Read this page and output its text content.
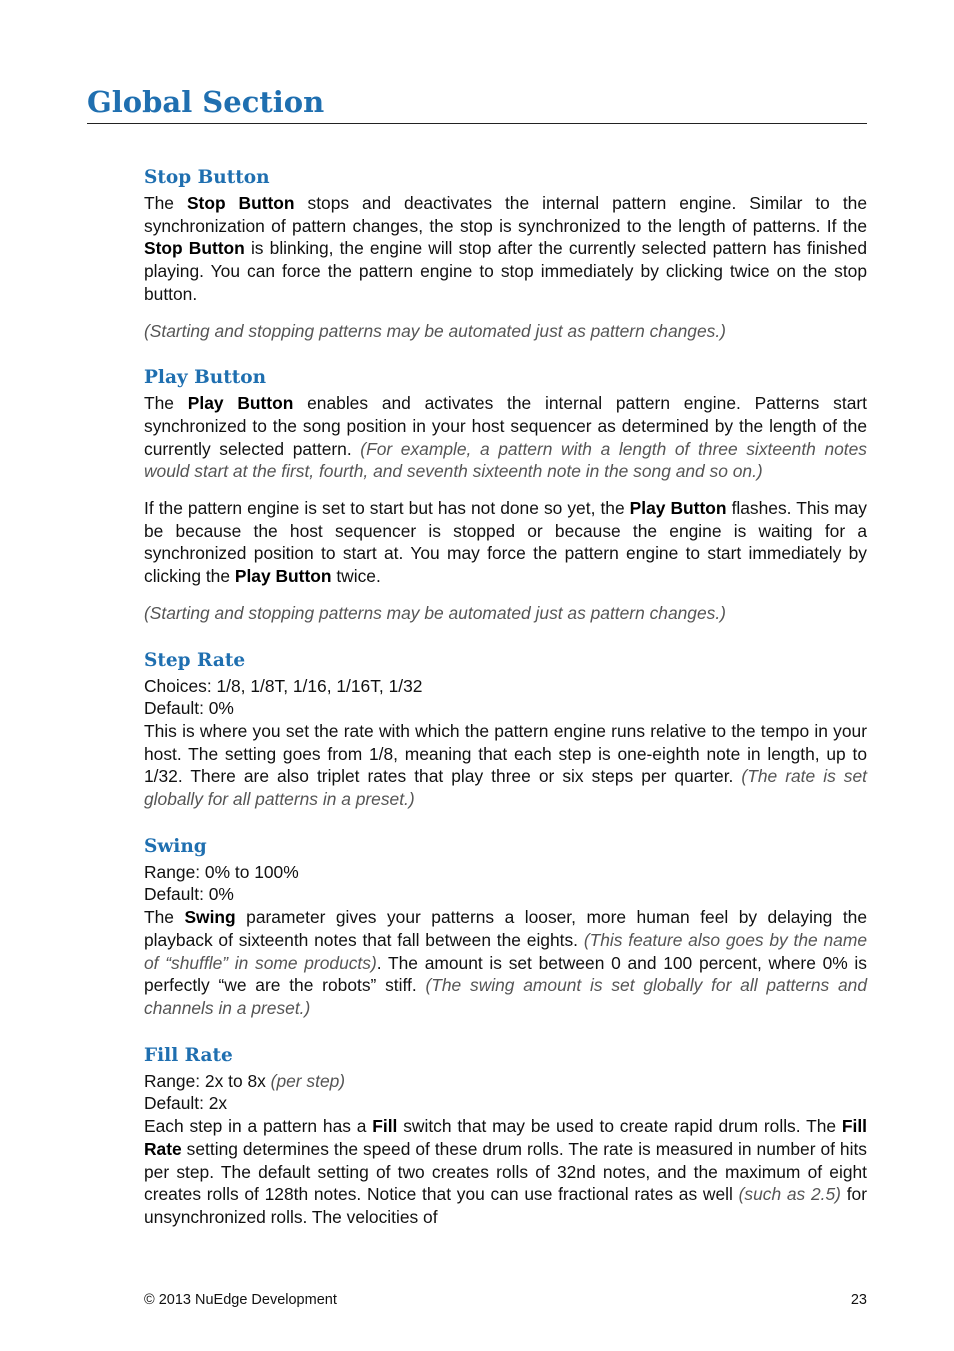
Global Section
Stop Button

The Stop Button stops and deactivates the internal pattern engine. Similar to the synchronization of pattern changes, the stop is synchronized to the length of patterns. If the Stop Button is blinking, the engine will stop after the currently selected pattern has finished playing. You can force the pattern engine to stop immediately by clicking twice on the stop button.

(Starting and stopping patterns may be automated just as pattern changes.)

Play Button

The Play Button enables and activates the internal pattern engine. Patterns start synchronized to the song position in your host sequencer as determined by the length of the currently selected pattern. (For example, a pattern with a length of three sixteenth notes would start at the first, fourth, and seventh sixteenth note in the song and so on.)

If the pattern engine is set to start but has not done so yet, the Play Button flashes. This may be because the host sequencer is stopped or because the engine is waiting for a synchronized position to start at. You may force the pattern engine to start immediately by clicking the Play Button twice.

(Starting and stopping patterns may be automated just as pattern changes.)

Step Rate

Choices: 1/8, 1/8T, 1/16, 1/16T, 1/32
Default: 0%
This is where you set the rate with which the pattern engine runs relative to the tempo in your host. The setting goes from 1/8, meaning that each step is one-eighth note in length, up to 1/32. There are also triplet rates that play three or six steps per quarter. (The rate is set globally for all patterns in a preset.)

Swing

Range: 0% to 100%
Default: 0%
The Swing parameter gives your patterns a looser, more human feel by delaying the playback of sixteenth notes that fall between the eights. (This feature also goes by the name of “shuffle” in some products). The amount is set between 0 and 100 percent, where 0% is perfectly “we are the robots” stiff. (The swing amount is set globally for all patterns and channels in a preset.)

Fill Rate

Range: 2x to 8x (per step)
Default: 2x
Each step in a pattern has a Fill switch that may be used to create rapid drum rolls. The Fill Rate setting determines the speed of these drum rolls. The rate is measured in number of hits per step. The default setting of two creates rolls of 32nd notes, and the maximum of eight creates rolls of 128th notes. Notice that you can use fractional rates as well (such as 2.5) for unsynchronized rolls. The velocities of

© 2013 NuEdge Development	23
